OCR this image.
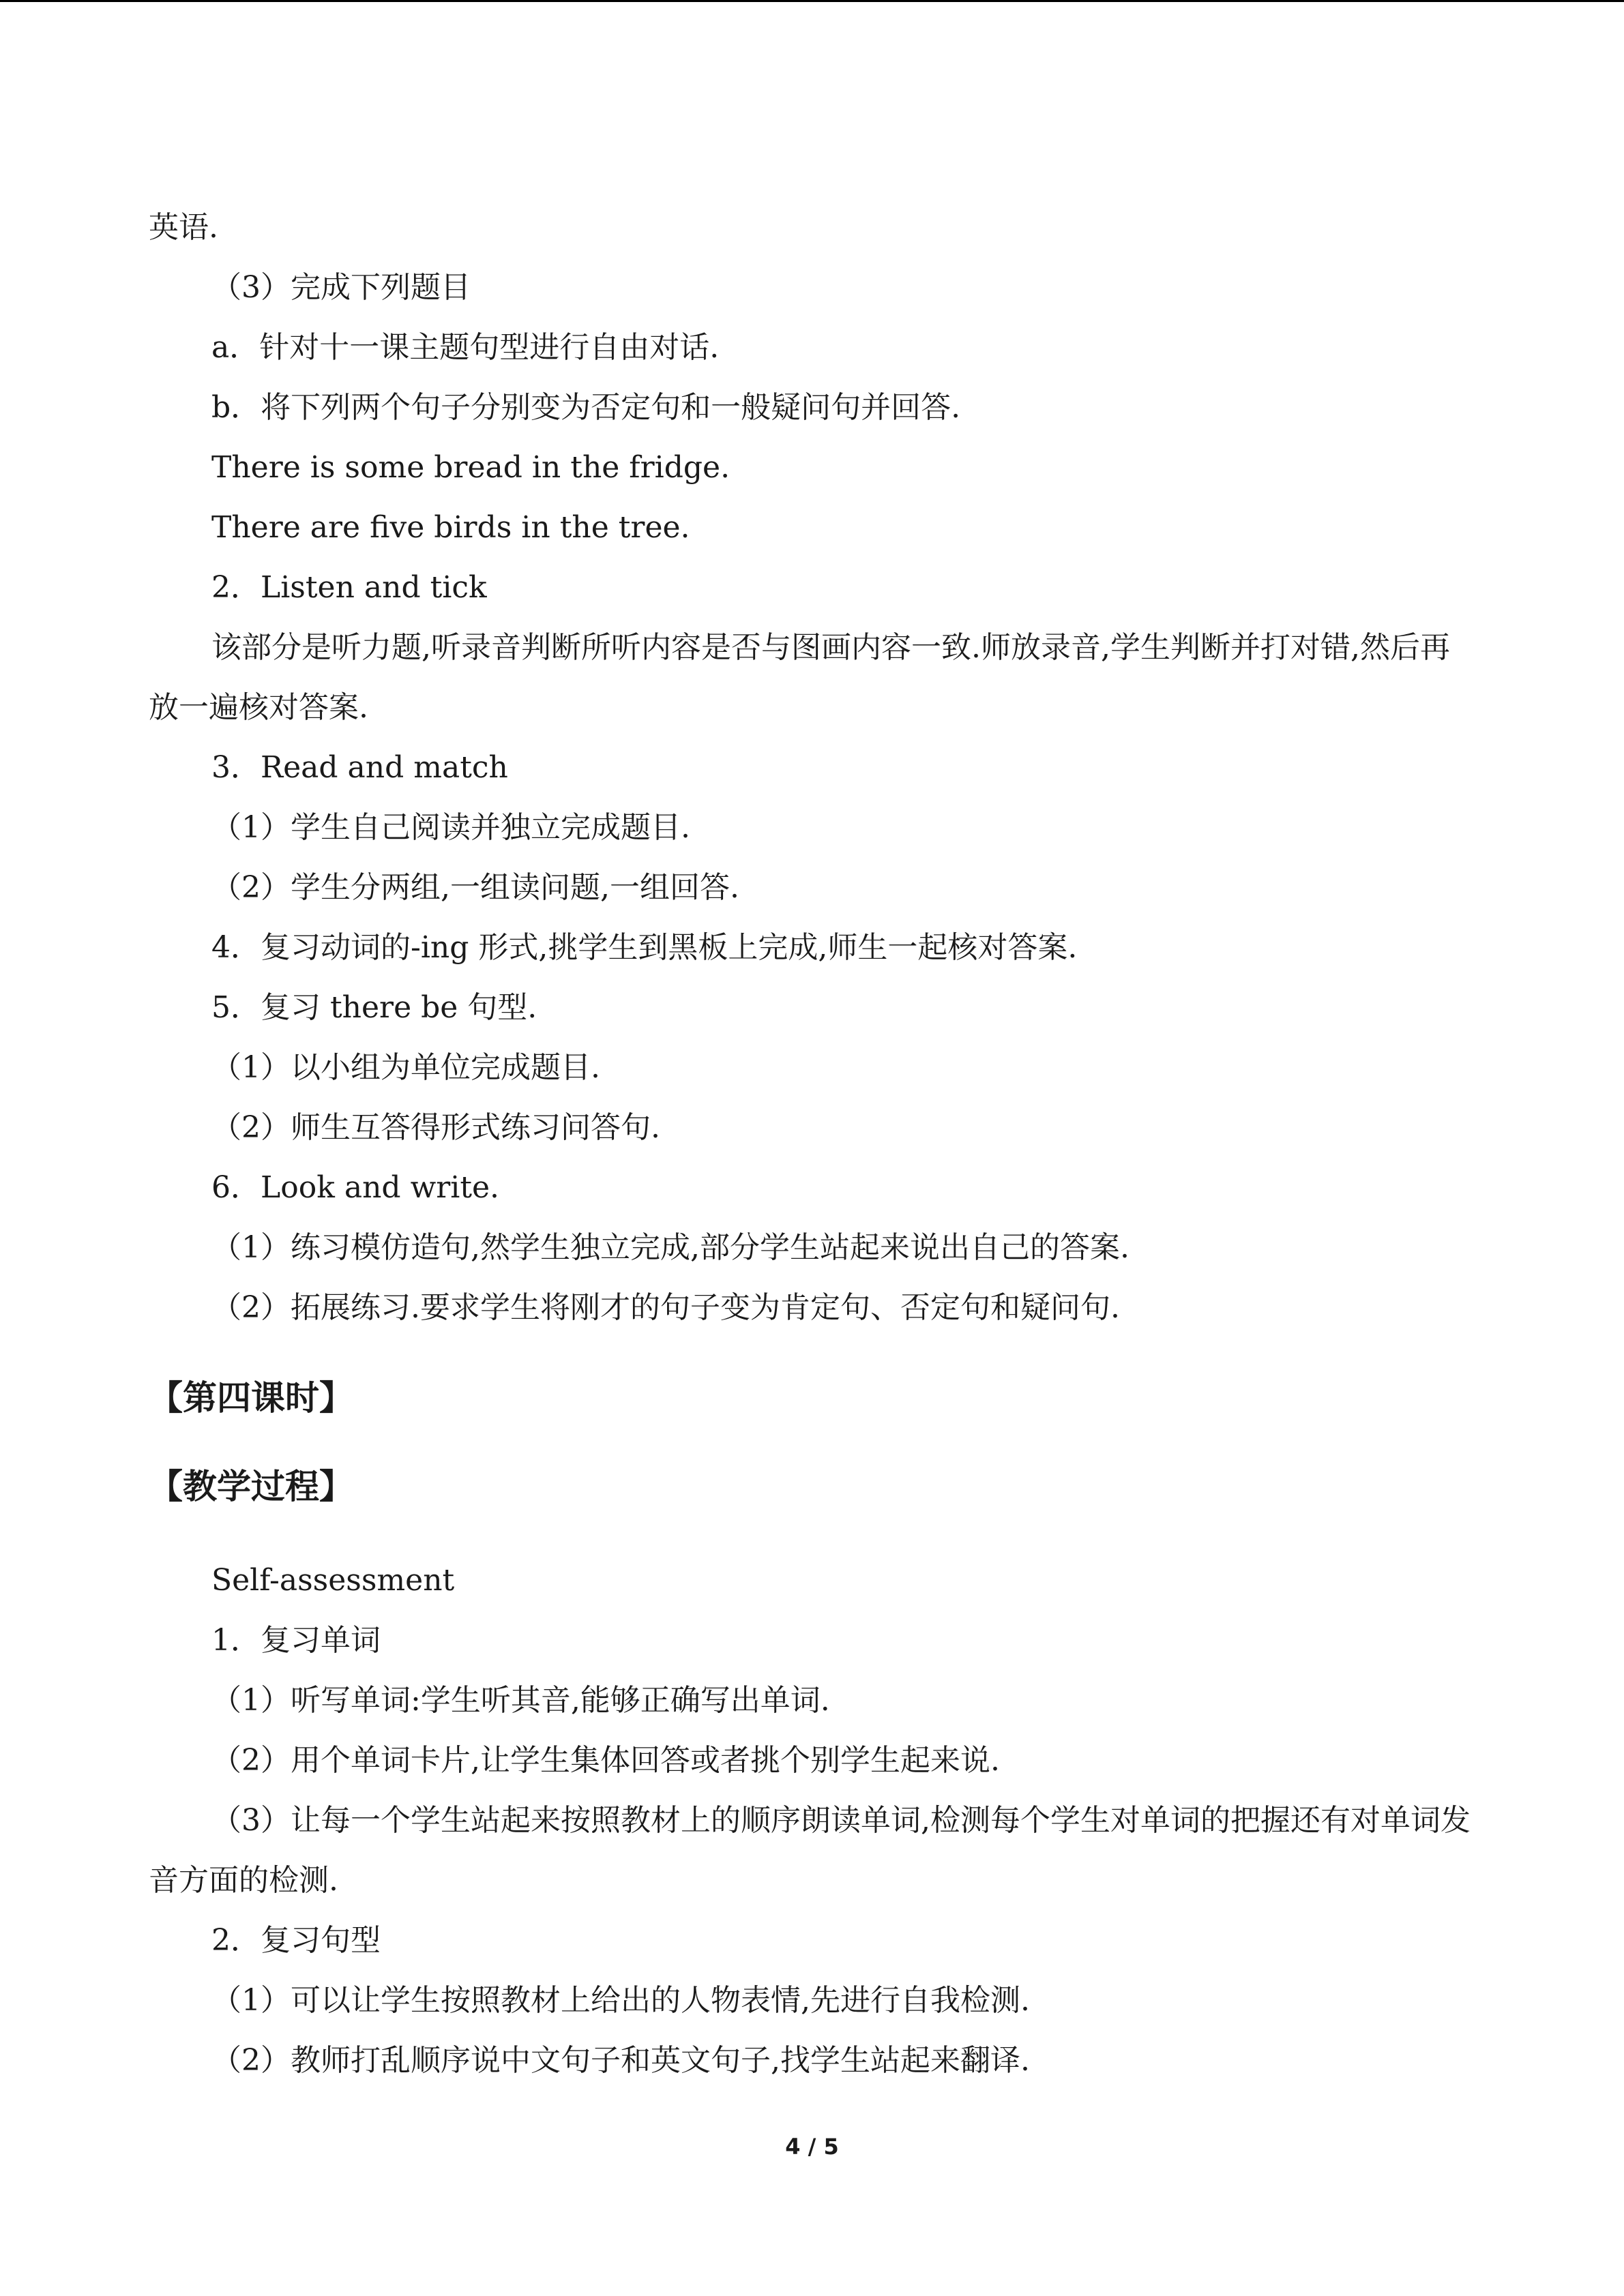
英语.

（3）完成下列题目

a．针对十一课主题句型进行自由对话.

b．将下列两个句子分别变为否定句和一般疑问句并回答.

There is some bread in the fridge.

There are five birds in the tree.

2．Listen and tick

该部分是听力题,听录音判断所听内容是否与图画内容一致.师放录音,学生判断并打对错,然后再放一遍核对答案.

3．Read and match

（1）学生自己阅读并独立完成题目.

（2）学生分两组,一组读问题,一组回答.

4．复习动词的-ing 形式,挑学生到黑板上完成,师生一起核对答案.

5．复习 there be 句型.

（1）以小组为单位完成题目.

（2）师生互答得形式练习问答句.

6．Look and write.

（1）练习模仿造句,然学生独立完成,部分学生站起来说出自己的答案.

（2）拓展练习.要求学生将刚才的句子变为肯定句、否定句和疑问句.

【第四课时】
【教学过程】

Self-assessment

1．复习单词

（1）听写单词:学生听其音,能够正确写出单词.

（2）用个单词卡片,让学生集体回答或者挑个别学生起来说.

（3）让每一个学生站起来按照教材上的顺序朗读单词,检测每个学生对单词的把握还有对单词发音方面的检测.

2．复习句型

（1）可以让学生按照教材上给出的人物表情,先进行自我检测.

（2）教师打乱顺序说中文句子和英文句子,找学生站起来翻译.

4 / 5
